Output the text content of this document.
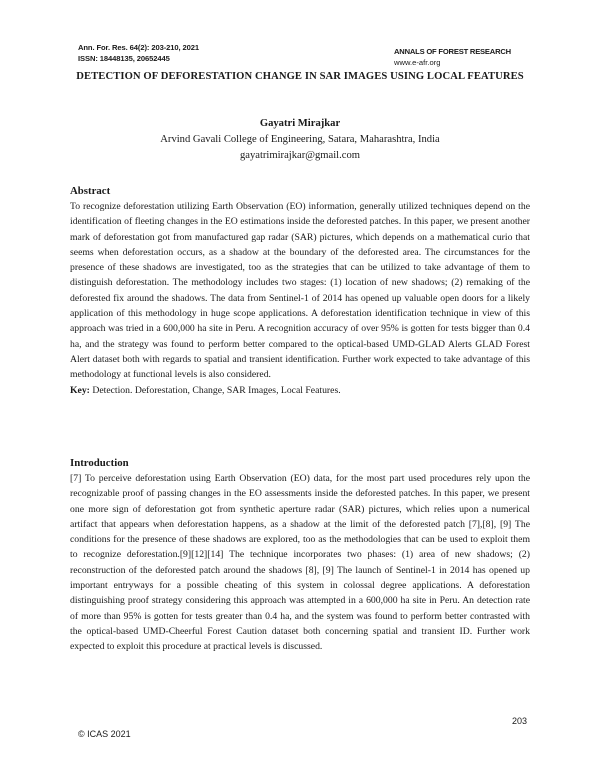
Ann. For. Res. 64(2): 203-210, 2021
ISSN: 18448135, 20652445
ANNALS OF FOREST RESEARCH
www.e-afr.org
DETECTION OF DEFORESTATION CHANGE IN SAR IMAGES USING LOCAL FEATURES
Gayatri Mirajkar
Arvind Gavali College of Engineering, Satara, Maharashtra, India
gayatrimirajkar@gmail.com
Abstract

To recognize deforestation utilizing Earth Observation (EO) information, generally utilized techniques depend on the identification of fleeting changes in the EO estimations inside the deforested patches. In this paper, we present another mark of deforestation got from manufactured gap radar (SAR) pictures, which depends on a mathematical curio that seems when deforestation occurs, as a shadow at the boundary of the deforested area. The circumstances for the presence of these shadows are investigated, too as the strategies that can be utilized to take advantage of them to distinguish deforestation. The methodology includes two stages: (1) location of new shadows; (2) remaking of the deforested fix around the shadows. The data from Sentinel-1 of 2014 has opened up valuable open doors for a likely application of this methodology in huge scope applications. A deforestation identification technique in view of this approach was tried in a 600,000 ha site in Peru. A recognition accuracy of over 95% is gotten for tests bigger than 0.4 ha, and the strategy was found to perform better compared to the optical-based UMD-GLAD Alerts GLAD Forest Alert dataset both with regards to spatial and transient identification. Further work expected to take advantage of this methodology at functional levels is also considered.

Key: Detection. Deforestation, Change, SAR Images, Local Features.

Introduction

[7] To perceive deforestation using Earth Observation (EO) data, for the most part used procedures rely upon the recognizable proof of passing changes in the EO assessments inside the deforested patches. In this paper, we present one more sign of deforestation got from synthetic aperture radar (SAR) pictures, which relies upon a numerical artifact that appears when deforestation happens, as a shadow at the limit of the deforested patch [7],[8], [9] The conditions for the presence of these shadows are explored, too as the methodologies that can be used to exploit them to recognize deforestation.[9][12][14] The technique incorporates two phases: (1) area of new shadows; (2) reconstruction of the deforested patch around the shadows [8], [9] The launch of Sentinel-1 in 2014 has opened up important entryways for a possible cheating of this system in colossal degree applications. A deforestation distinguishing proof strategy considering this approach was attempted in a 600,000 ha site in Peru. An detection rate of more than 95% is gotten for tests greater than 0.4 ha, and the system was found to perform better contrasted with the optical-based UMD-Cheerful Forest Caution dataset both concerning spatial and transient ID. Further work expected to exploit this procedure at practical levels is discussed.

© ICAS 2021
203
